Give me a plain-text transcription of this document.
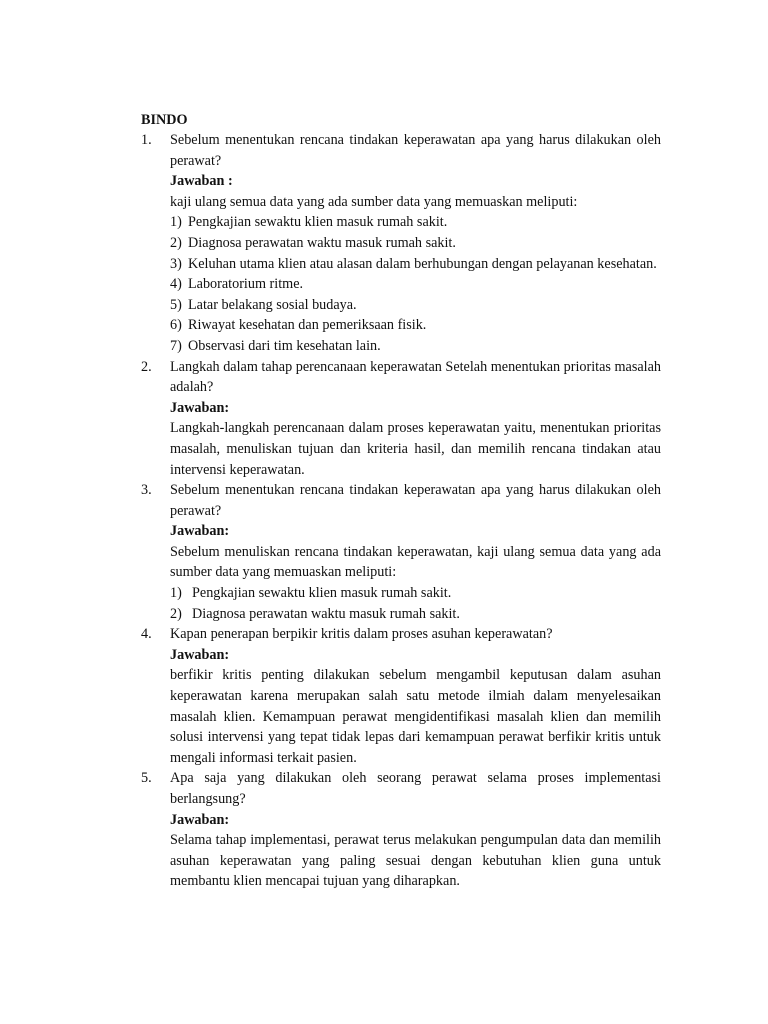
BINDO
1. Sebelum menentukan rencana tindakan keperawatan apa yang harus dilakukan oleh perawat?
Jawaban :
kaji ulang semua data yang ada sumber data yang memuaskan meliputi:
1) Pengkajian sewaktu klien masuk rumah sakit.
2) Diagnosa perawatan waktu masuk rumah sakit.
3) Keluhan utama klien atau alasan dalam berhubungan dengan pelayanan kesehatan.
4) Laboratorium ritme.
5) Latar belakang sosial budaya.
6) Riwayat kesehatan dan pemeriksaan fisik.
7) Observasi dari tim kesehatan lain.
2. Langkah dalam tahap perencanaan keperawatan Setelah menentukan prioritas masalah adalah?
Jawaban:
Langkah-langkah perencanaan dalam proses keperawatan yaitu, menentukan prioritas masalah, menuliskan tujuan dan kriteria hasil, dan memilih rencana tindakan atau intervensi keperawatan.
3. Sebelum menentukan rencana tindakan keperawatan apa yang harus dilakukan oleh perawat?
Jawaban:
Sebelum menuliskan rencana tindakan keperawatan, kaji ulang semua data yang ada sumber data yang memuaskan meliputi:
1) Pengkajian sewaktu klien masuk rumah sakit.
2) Diagnosa perawatan waktu masuk rumah sakit.
4. Kapan penerapan berpikir kritis dalam proses asuhan keperawatan?
Jawaban:
berfikir kritis penting dilakukan sebelum mengambil keputusan dalam asuhan keperawatan karena merupakan salah satu metode ilmiah dalam menyelesaikan masalah klien. Kemampuan perawat mengidentifikasi masalah klien dan memilih solusi intervensi yang tepat tidak lepas dari kemampuan perawat berfikir kritis untuk mengali informasi terkait pasien.
5. Apa saja yang dilakukan oleh seorang perawat selama proses implementasi berlangsung?
Jawaban:
Selama tahap implementasi, perawat terus melakukan pengumpulan data dan memilih asuhan keperawatan yang paling sesuai dengan kebutuhan klien guna untuk membantu klien mencapai tujuan yang diharapkan.
